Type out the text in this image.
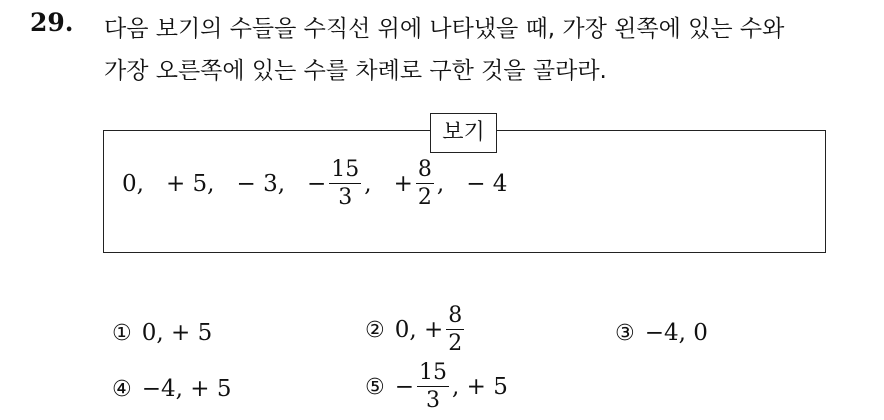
29. 다음 보기의 수들을 수직선 위에 나타냈을 때, 가장 왼쪽에 있는 수와
가장 오른쪽에 있는 수를 차례로 구한 것을 골라라.
0, + 5, − 3, − $\frac{15}{3}$ , + $\frac{8}{2}$ , − 4
보기
① 0, + 5	② 0, + $\frac{8}{2}$	③ −4, 0
④ −4, + 5	⑤ − $\frac{15}{3}$ , + 5
